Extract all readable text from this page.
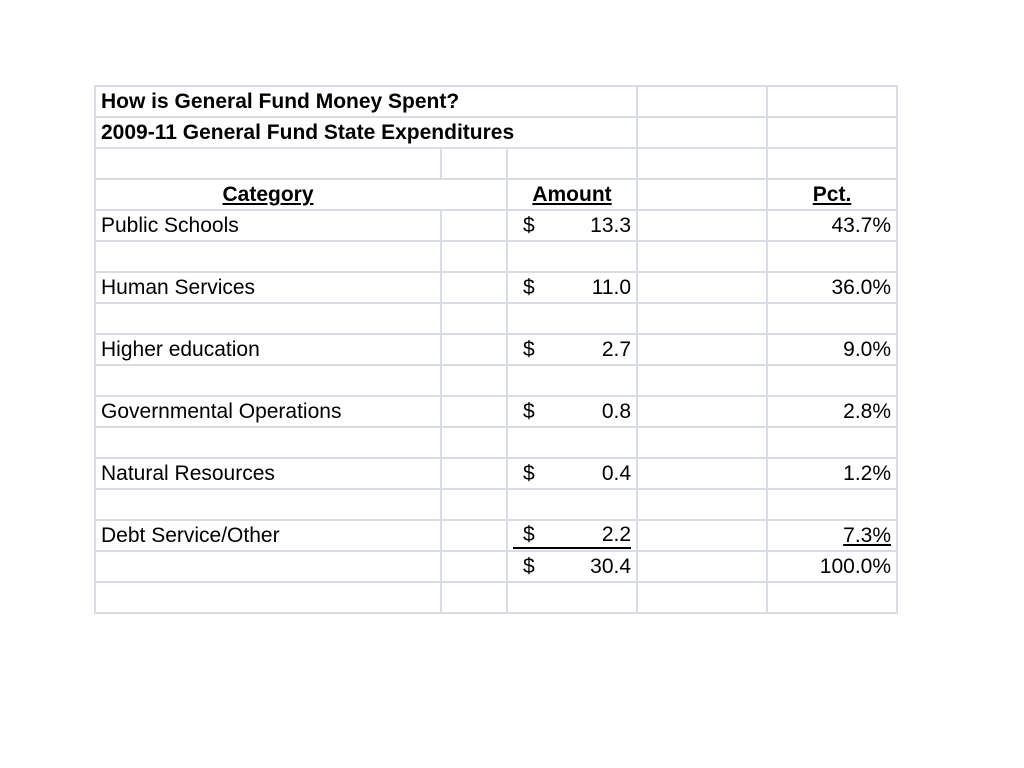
How is General Fund Money Spent?				
2009-11 General Fund State Expenditures				

Category		Amount		Pct.
Public Schools		$ 13.3		43.7%

Human Services		$ 11.0		36.0%

Higher education		$ 2.7		9.0%

Governmental Operations		$ 0.8		2.8%

Natural Resources		$ 0.4		1.2%

Debt Service/Other		$ 2.2		7.3%

		$ 30.4		100.0%
